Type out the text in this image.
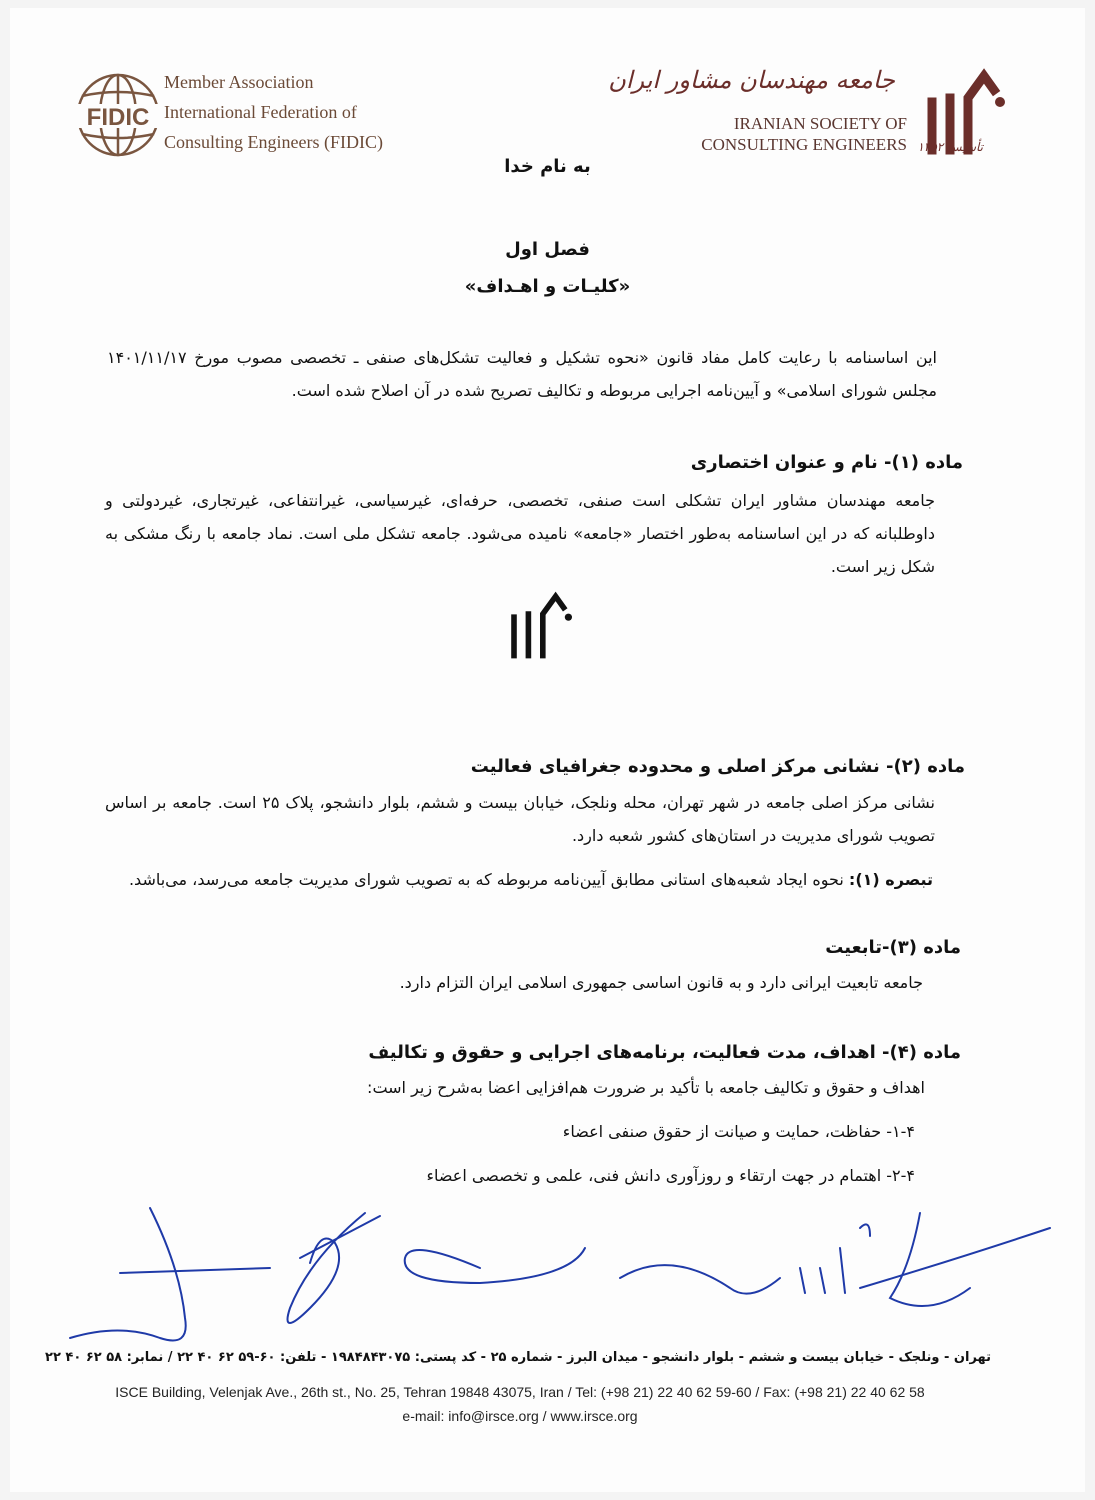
FIDIC
Member Association
International Federation of
Consulting Engineers (FIDIC)
جامعه مهندسان مشاور ایران
IRANIAN SOCIETY OF
CONSULTING ENGINEERS تأسیس ۱۳۵۲
به نام خدا
فصل اول
«کلیـات و اهـداف»
این اساسنامه با رعایت کامل مفاد قانون «نحوه تشکیل و فعالیت تشکل‌های صنفی ـ تخصصی مصوب مورخ ۱۴۰۱/۱۱/۱۷ مجلس شورای اسلامی» و آیین‌نامه اجرایی مربوطه و تکالیف تصریح شده در آن اصلاح شده است.
ماده (۱)- نام و عنوان اختصاری
جامعه مهندسان مشاور ایران تشکلی است صنفی، تخصصی، حرفه‌ای، غیرسیاسی، غیرانتفاعی، غیرتجاری، غیردولتی و داوطلبانه که در این اساسنامه به‌طور اختصار «جامعه» نامیده می‌شود. جامعه تشکل ملی است. نماد جامعه با رنگ مشکی به شکل زیر است.
ماده (۲)- نشانی مرکز اصلی و محدوده جغرافیای فعالیت
نشانی مرکز اصلی جامعه در شهر تهران، محله ونلجک، خیابان بیست و ششم، بلوار دانشجو، پلاک ۲۵ است. جامعه بر اساس تصویب شورای مدیریت در استان‌های کشور شعبه دارد.
تبصره (۱): نحوه ایجاد شعبه‌های استانی مطابق آیین‌نامه مربوطه که به تصویب شورای مدیریت جامعه می‌رسد، می‌باشد.
ماده (۳)-تابعیت
جامعه تابعیت ایرانی دارد و به قانون اساسی جمهوری اسلامی ایران التزام دارد.
ماده (۴)- اهداف، مدت فعالیت، برنامه‌های اجرایی و حقوق و تکالیف
اهداف و حقوق و تکالیف جامعه با تأکید بر ضرورت هم‌افزایی اعضا به‌شرح زیر است:
۱-۴- حفاظت، حمایت و صیانت از حقوق صنفی اعضاء
۲-۴- اهتمام در جهت ارتقاء و روزآوری دانش فنی، علمی و تخصصی اعضاء
تهران - ونلجک - خیابان بیست و ششم - بلوار دانشجو - میدان البرز - شماره ۲۵ - کد پستی: ۱۹۸۴۸۴۳۰۷۵ - تلفن: ۶۰-۵۹ ۶۲ ۴۰ ۲۲ / نمابر: ۵۸ ۶۲ ۴۰ ۲۲
ISCE Building, Velenjak Ave., 26th st., No. 25, Tehran 19848 43075, Iran / Tel: (+98 21) 22 40 62 59-60 / Fax: (+98 21) 22 40 62 58
e-mail: info@irsce.org / www.irsce.org
